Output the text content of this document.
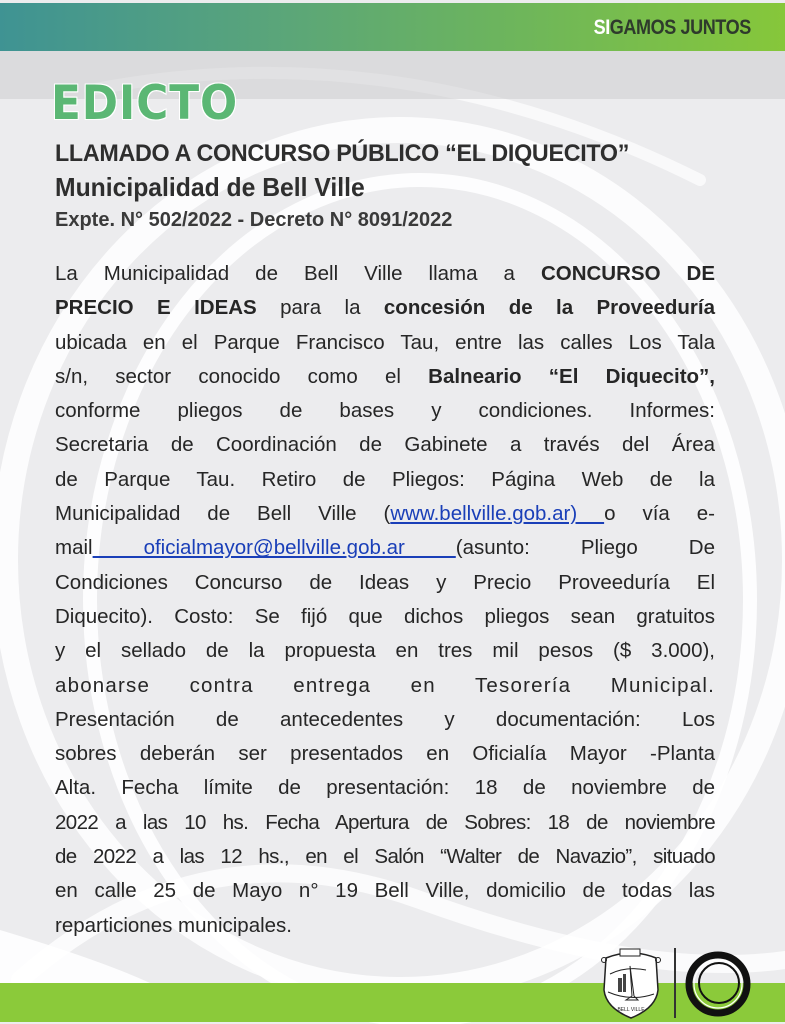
SIGAMOS JUNTOS
EDICTO
LLAMADO A CONCURSO PÚBLICO “EL DIQUECITO”
Municipalidad de Bell Ville
Expte. N° 502/2022 - Decreto N° 8091/2022
La Municipalidad de Bell Ville llama a CONCURSO DE
PRECIO E IDEAS para la concesión de la Proveeduría
ubicada en el Parque Francisco Tau, entre las calles Los Tala
s/n, sector conocido como el Balneario “El Diquecito”,
conforme pliegos de bases y condiciones. Informes:
Secretaria de Coordinación de Gabinete a través del Área
de Parque Tau. Retiro de Pliegos: Página Web de la
Municipalidad de Bell Ville (www.bellville.gob.ar) o vía e-
mail oficialmayor@bellville.gob.ar (asunto: Pliego De
Condiciones Concurso de Ideas y Precio Proveeduría El
Diquecito). Costo: Se fijó que dichos pliegos sean gratuitos
y el sellado de la propuesta en tres mil pesos ($ 3.000),
abonarse contra entrega en Tesorería Municipal.
Presentación de antecedentes y documentación: Los
sobres deberán ser presentados en Oficialía Mayor -Planta
Alta. Fecha límite de presentación: 18 de noviembre de
2022 a las 10 hs. Fecha Apertura de Sobres: 18 de noviembre
de 2022 a las 12 hs., en el Salón “Walter de Navazio”, situado
en calle 25 de Mayo n° 19 Bell Ville, domicilio de todas las
reparticiones municipales.
BELL VILLE
